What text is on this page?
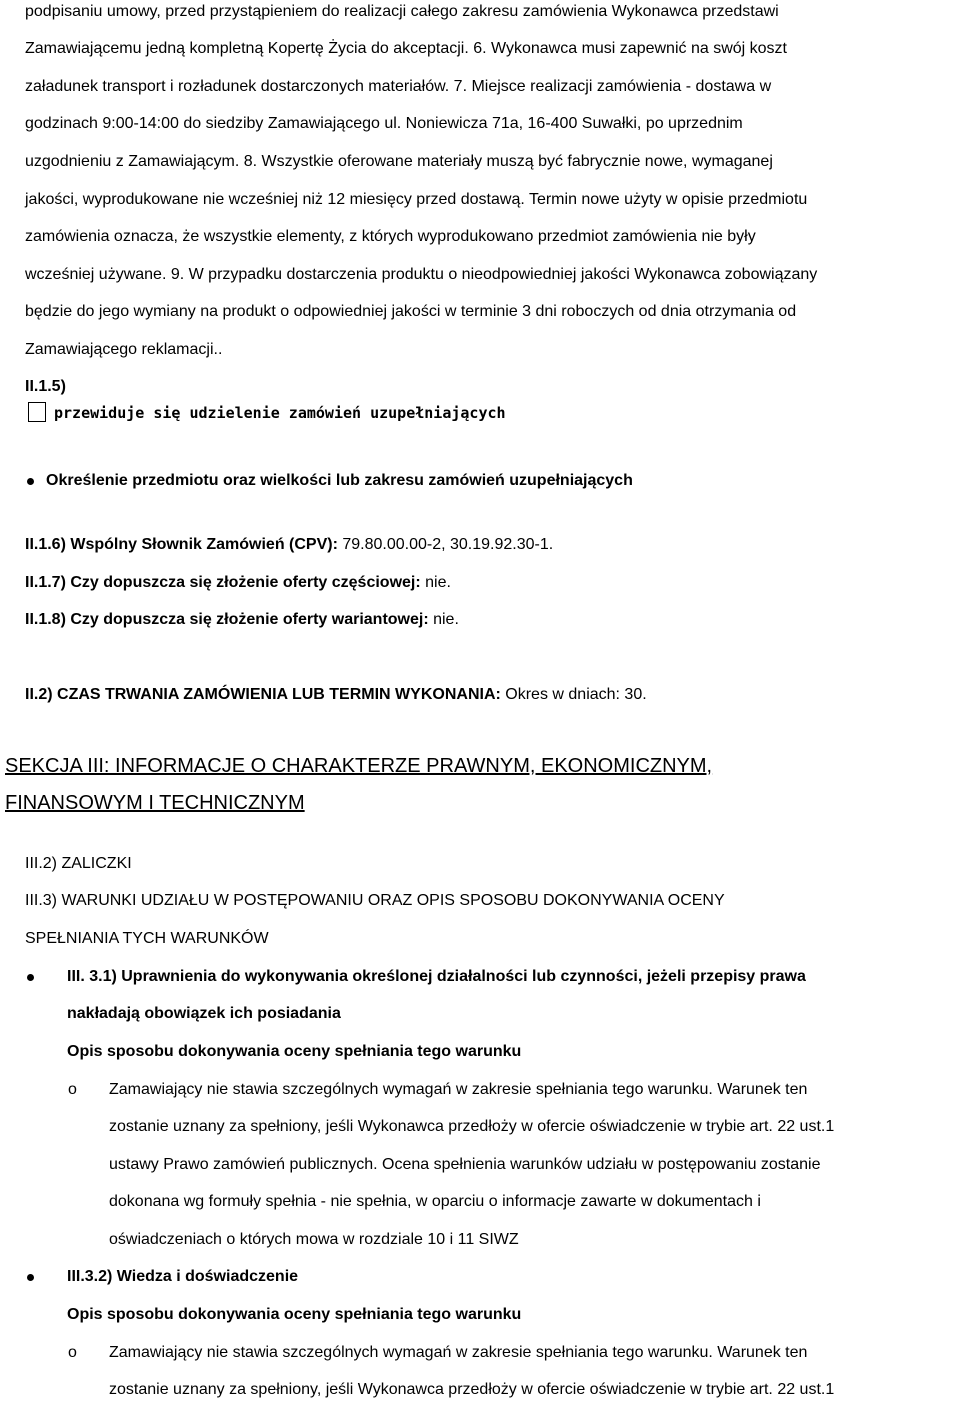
podpisaniu umowy, przed przystąpieniem do realizacji całego zakresu zamówienia Wykonawca przedstawi
Zamawiającemu jedną kompletną Kopertę Życia do akceptacji. 6. Wykonawca musi zapewnić na swój koszt
załadunek transport i rozładunek dostarczonych materiałów. 7. Miejsce realizacji zamówienia - dostawa w
godzinach 9:00-14:00 do siedziby Zamawiającego ul. Noniewicza 71a, 16-400 Suwałki, po uprzednim
uzgodnieniu z Zamawiającym. 8. Wszystkie oferowane materiały muszą być fabrycznie nowe, wymaganej
jakości, wyprodukowane nie wcześniej niż 12 miesięcy przed dostawą. Termin nowe użyty w opisie przedmiotu
zamówienia oznacza, że wszystkie elementy, z których wyprodukowano przedmiot zamówienia nie były
wcześniej używane. 9. W przypadku dostarczenia produktu o nieodpowiedniej jakości Wykonawca zobowiązany
będzie do jego wymiany na produkt o odpowiedniej jakości w terminie 3 dni roboczych od dnia otrzymania od
Zamawiającego reklamacji..
II.1.5)
przewiduje się udzielenie zamówień uzupełniających
Określenie przedmiotu oraz wielkości lub zakresu zamówień uzupełniających
II.1.6) Wspólny Słownik Zamówień (CPV): 79.80.00.00-2, 30.19.92.30-1.
II.1.7) Czy dopuszcza się złożenie oferty częściowej: nie.
II.1.8) Czy dopuszcza się złożenie oferty wariantowej: nie.
II.2) CZAS TRWANIA ZAMÓWIENIA LUB TERMIN WYKONANIA: Okres w dniach: 30.
SEKCJA III: INFORMACJE O CHARAKTERZE PRAWNYM, EKONOMICZNYM,
FINANSOWYM I TECHNICZNYM
III.2) ZALICZKI
III.3) WARUNKI UDZIAŁU W POSTĘPOWANIU ORAZ OPIS SPOSOBU DOKONYWANIA OCENY
SPEŁNIANIA TYCH WARUNKÓW
III. 3.1) Uprawnienia do wykonywania określonej działalności lub czynności, jeżeli przepisy prawa
nakładają obowiązek ich posiadania
Opis sposobu dokonywania oceny spełniania tego warunku
o Zamawiający nie stawia szczególnych wymagań w zakresie spełniania tego warunku. Warunek ten
zostanie uznany za spełniony, jeśli Wykonawca przedłoży w ofercie oświadczenie w trybie art. 22 ust.1
ustawy Prawo zamówień publicznych. Ocena spełnienia warunków udziału w postępowaniu zostanie
dokonana wg formuły spełnia - nie spełnia, w oparciu o informacje zawarte w dokumentach i
oświadczeniach o których mowa w rozdziale 10 i 11 SIWZ
III.3.2) Wiedza i doświadczenie
Opis sposobu dokonywania oceny spełniania tego warunku
o Zamawiający nie stawia szczególnych wymagań w zakresie spełniania tego warunku. Warunek ten
zostanie uznany za spełniony, jeśli Wykonawca przedłoży w ofercie oświadczenie w trybie art. 22 ust.1
